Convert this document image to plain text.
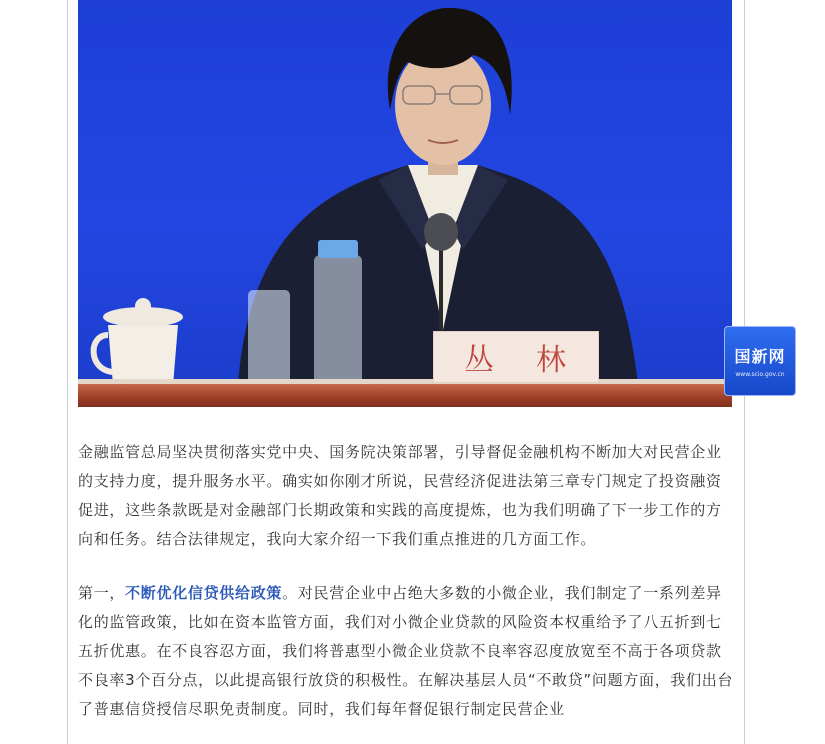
丛 林	国新网
www.scio.gov.cn

金融监管总局坚决贯彻落实党中央、国务院决策部署，引导督促金融机构不断加大对民营企业的支持力度，提升服务水平。确实如你刚才所说，民营经济促进法第三章专门规定了投资融资促进，这些条款既是对金融部门长期政策和实践的高度提炼，也为我们明确了下一步工作的方向和任务。结合法律规定，我向大家介绍一下我们重点推进的几方面工作。

第一，不断优化信贷供给政策。对民营企业中占绝大多数的小微企业，我们制定了一系列差异化的监管政策，比如在资本监管方面，我们对小微企业贷款的风险资本权重给予了八五折到七五折优惠。在不良容忍方面，我们将普惠型小微企业贷款不良率容忍度放宽至不高于各项贷款不良率3个百分点，以此提高银行放贷的积极性。在解决基层人员“不敢贷”问题方面，我们出台了普惠信贷授信尽职免责制度。同时，我们每年督促银行制定民营企业
